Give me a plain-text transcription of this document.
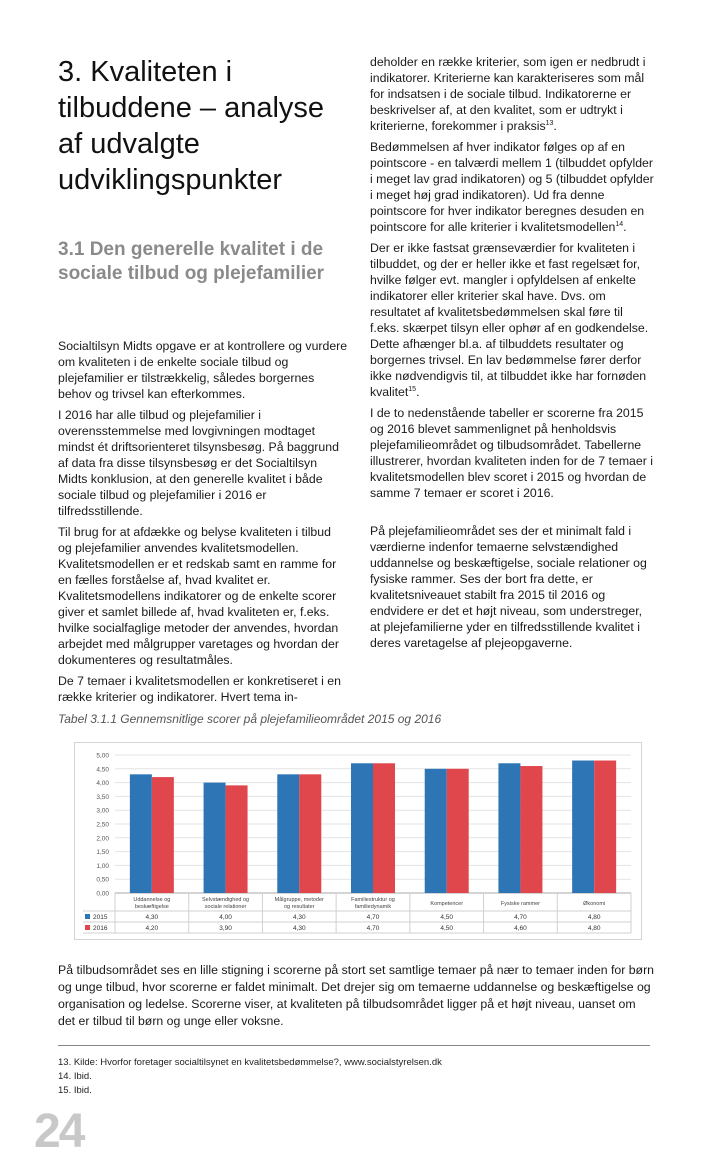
3. Kvaliteten i tilbuddene – analyse af udvalgte udviklingspunkter
3.1 Den generelle kvalitet i de sociale tilbud og plejefamilier

Socialtilsyn Midts opgave er at kontrollere og vurdere om kvaliteten i de enkelte sociale tilbud og plejefamilier er tilstrækkelig, således borgernes behov og trivsel kan efterkommes.

I 2016 har alle tilbud og plejefamilier i overensstemmelse med lovgivningen modtaget mindst ét driftsorienteret tilsynsbesøg. På baggrund af data fra disse tilsynsbesøg er det Socialtilsyn Midts konklusion, at den generelle kvalitet i både sociale tilbud og plejefamilier i 2016 er tilfredsstillende.

Til brug for at afdække og belyse kvaliteten i tilbud og plejefamilier anvendes kvalitetsmodellen. Kvalitetsmodellen er et redskab samt en ramme for en fælles forståelse af, hvad kvalitet er. Kvalitetsmodellens indikatorer og de enkelte scorer giver et samlet billede af, hvad kvaliteten er, f.eks. hvilke socialfaglige metoder der anvendes, hvordan arbejdet med målgrupper varetages og hvordan der dokumenteres og resultatmåles.

De 7 temaer i kvalitetsmodellen er konkretiseret i en række kriterier og indikatorer. Hvert tema in-

deholder en række kriterier, som igen er nedbrudt i indikatorer. Kriterierne kan karakteriseres som mål for indsatsen i de sociale tilbud. Indikatorerne er beskrivelser af, at den kvalitet, som er udtrykt i kriterierne, forekommer i praksis$^{13}$.

Bedømmelsen af hver indikator følges op af en pointscore - en talværdi mellem 1 (tilbuddet opfylder i meget lav grad indikatoren) og 5 (tilbuddet opfylder i meget høj grad indikatoren). Ud fra denne pointscore for hver indikator beregnes desuden en pointscore for alle kriterier i kvalitetsmodellen$^{14}$.

Der er ikke fastsat grænseværdier for kvaliteten i tilbuddet, og der er heller ikke et fast regelsæt for, hvilke følger evt. mangler i opfyldelsen af enkelte indikatorer eller kriterier skal have. Dvs. om resultatet af kvalitetsbedømmelsen skal føre til f.eks. skærpet tilsyn eller ophør af en godkendelse. Dette afhænger bl.a. af tilbuddets resultater og borgernes trivsel. En lav bedømmelse fører derfor ikke nødvendigvis til, at tilbuddet ikke har fornøden kvalitet$^{15}$.

I de to nedenstående tabeller er scorerne fra 2015 og 2016 blevet sammenlignet på henholdsvis plejefamilieområdet og tilbudsområdet. Tabellerne illustrerer, hvordan kvaliteten inden for de 7 temaer i kvalitetsmodellen blev scoret i 2015 og hvordan de samme 7 temaer er scoret i 2016.

På plejefamilieområdet ses der et minimalt fald i værdierne indenfor temaerne selvstændighed uddannelse og beskæftigelse, sociale relationer og fysiske rammer. Ses der bort fra dette, er kvalitetsniveauet stabilt fra 2015 til 2016 og endvidere er det et højt niveau, som understreger, at plejefamilierne yder en tilfredsstillende kvalitet i deres varetagelse af plejeopgaverne.

Tabel 3.1.1 Gennemsnitlige scorer på plejefamilieområdet 2015 og 2016
0,00
0,50
1,00
1,50
2,00
2,50
3,00
3,50
4,00
4,50
5,00
4,30
4,20
Uddannelse og
beskæftigelse
4,00
3,90
Selvstændighed og
sociale relationer
4,30
4,30
Målgruppe, metoder
og resultater
4,70
4,70
Familiestruktur og
familiedynamik
4,50
4,50
Kompetencer
4,70
4,60
Fysiske rammer
4,80
4,80
Økonomi
2015
2016

På tilbudsområdet ses en lille stigning i scorerne på stort set samtlige temaer på nær to temaer inden for børn og unge tilbud, hvor scorerne er faldet minimalt. Det drejer sig om temaerne uddannelse og beskæftigelse og organisation og ledelse. Scorerne viser, at kvaliteten på tilbudsområdet ligger på et højt niveau, uanset om det er tilbud til børn og unge eller voksne.

13. Kilde: Hvorfor foretager socialtilsynet en kvalitetsbedømmelse?, www.socialstyrelsen.dk
14. Ibid.
15. Ibid.
24
